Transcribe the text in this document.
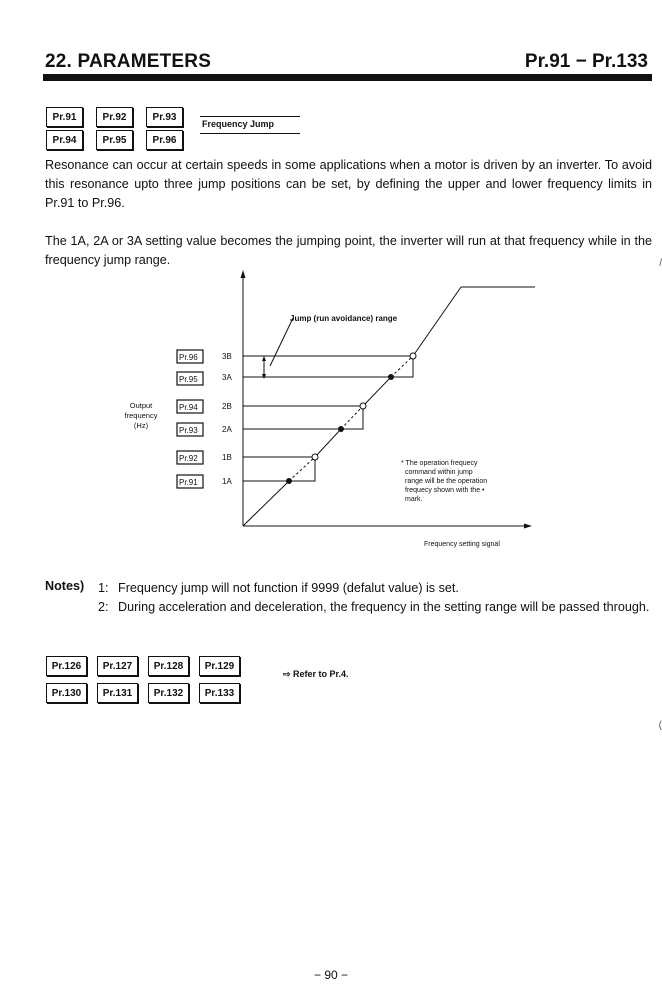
22. PARAMETERS	Pr.91 − Pr.133
Pr.91	Pr.92	Pr.93
Pr.94	Pr.95	Pr.96
Frequency Jump
Resonance can occur at certain speeds in some applications when a motor is driven by an inverter. To avoid this resonance upto three jump positions can be set, by defining the upper and lower frequency limits in Pr.91 to Pr.96.
The 1A, 2A or 3A setting value becomes the jumping point, the inverter will run at that frequency while in the frequency jump range.	/
Jump (run avoidance) range
3B
3A
2B
2A
1B
1A
Pr.96
Pr.95
Pr.94
Pr.93
Pr.92
Pr.91
Output
frequency
(Hz)
* The operation frequecy
command within jump
range will be the operation
frequecy shown with the •
mark.
Frequency setting signal
Notes) 1: Frequency jump will not function if 9999 (defalut value) is set.
2: During acceleration and deceleration, the frequency in the setting range will be passed through.
Pr.126	Pr.127	Pr.128	Pr.129
Pr.130	Pr.131	Pr.132	Pr.133
⇨ Refer to Pr.4.
(
− 90 −
